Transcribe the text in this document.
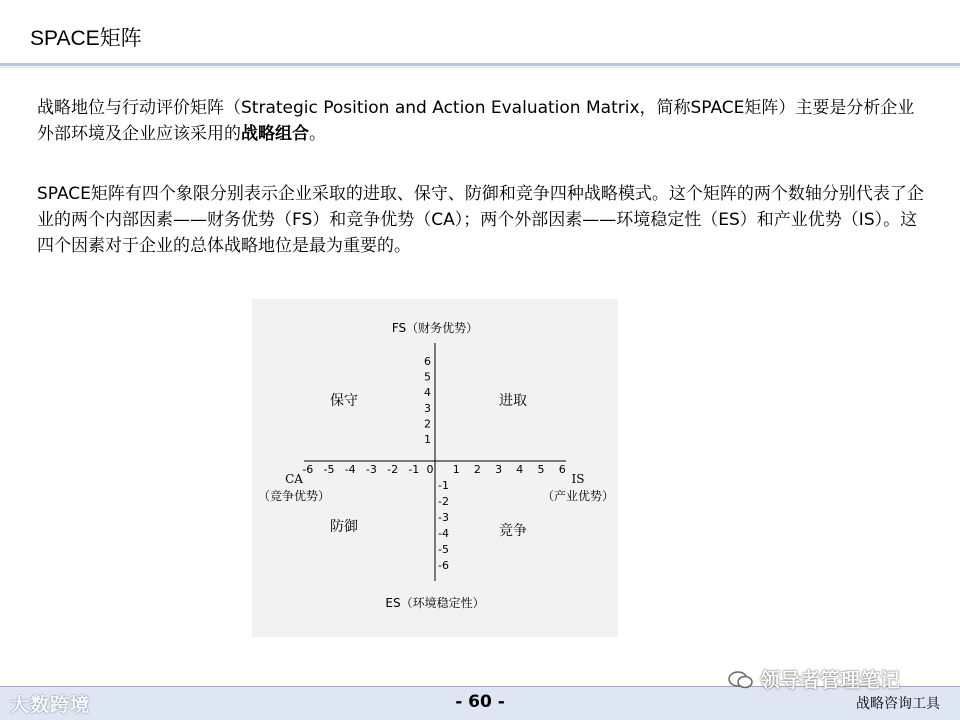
SPACE矩阵

战略地位与行动评价矩阵（Strategic Position and Action Evaluation Matrix，简称SPACE矩阵）主要是分析企业外部环境及企业应该采用的战略组合。

SPACE矩阵有四个象限分别表示企业采取的进取、保守、防御和竞争四种战略模式。这个矩阵的两个数轴分别代表了企业的两个内部因素——财务优势（FS）和竞争优势（CA）；两个外部因素——环境稳定性（ES）和产业优势（IS）。这四个因素对于企业的总体战略地位是最为重要的。

-6 -5 -4 -3 -2 -1 0 1 2 3 4 5 6
6
5
4
3
2
1
-1
-2
-3
-4
-5
-6
FS（财务优势）
ES（环境稳定性）
CA
（竞争优势）
IS
（产业优势）
保守	进取
防御	竞争
大数跨境	- 60 -	战略咨询工具
领导者管理笔记
